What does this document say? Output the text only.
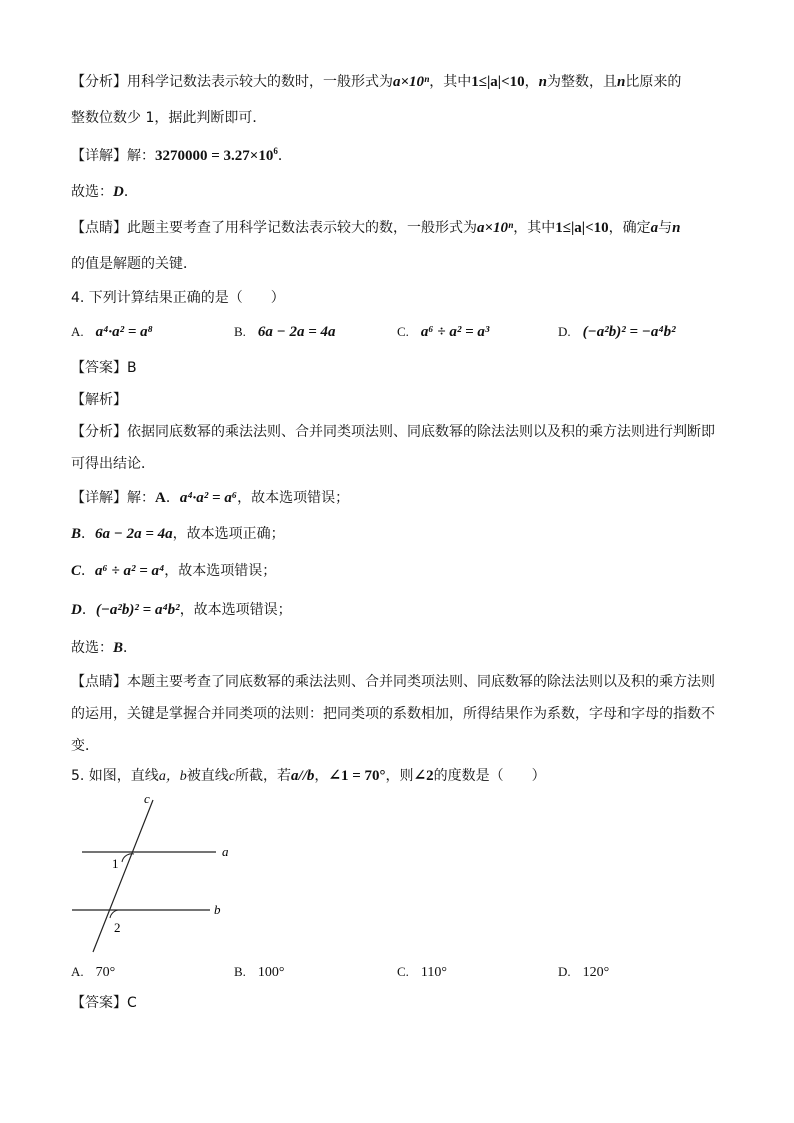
【分析】用科学记数法表示较大的数时，一般形式为a×10ⁿ，其中1≤|a|<10，n为整数，且n比原来的
整数位数少 1，据此判断即可．
【详解】解：$3270000 = 3.27\times 10^6$．
故选：D．
【点睛】此题主要考查了用科学记数法表示较大的数，一般形式为a×10ⁿ，其中1≤|a|<10，确定a与n
的值是解题的关键．
4. 下列计算结果正确的是（　　）
A. a⁴·a² = a⁸	B. 6a − 2a = 4a	C. a⁶ ÷ a² = a³	D. (−a²b)² = −a⁴b²
【答案】B
【解析】
【分析】依据同底数幂的乘法法则、合并同类项法则、同底数幂的除法法则以及积的乘方法则进行判断即
可得出结论．
【详解】解：A．a⁴·a² = a⁶，故本选项错误；
B．6a − 2a = 4a，故本选项正确；
C．a⁶ ÷ a² = a⁴，故本选项错误；
D．(−a²b)² = a⁴b²，故本选项错误；
故选：B．
【点睛】本题主要考查了同底数幂的乘法法则、合并同类项法则、同底数幂的除法法则以及积的乘方法则
的运用，关键是掌握合并同类项的法则：把同类项的系数相加，所得结果作为系数，字母和字母的指数不
变．
5. 如图，直线a，b被直线c所截，若a//b，∠1 = 70°，则∠2的度数是（　　）
c
a
b
1
2
A. 70°	B. 100°	C. 110°	D. 120°
【答案】C
